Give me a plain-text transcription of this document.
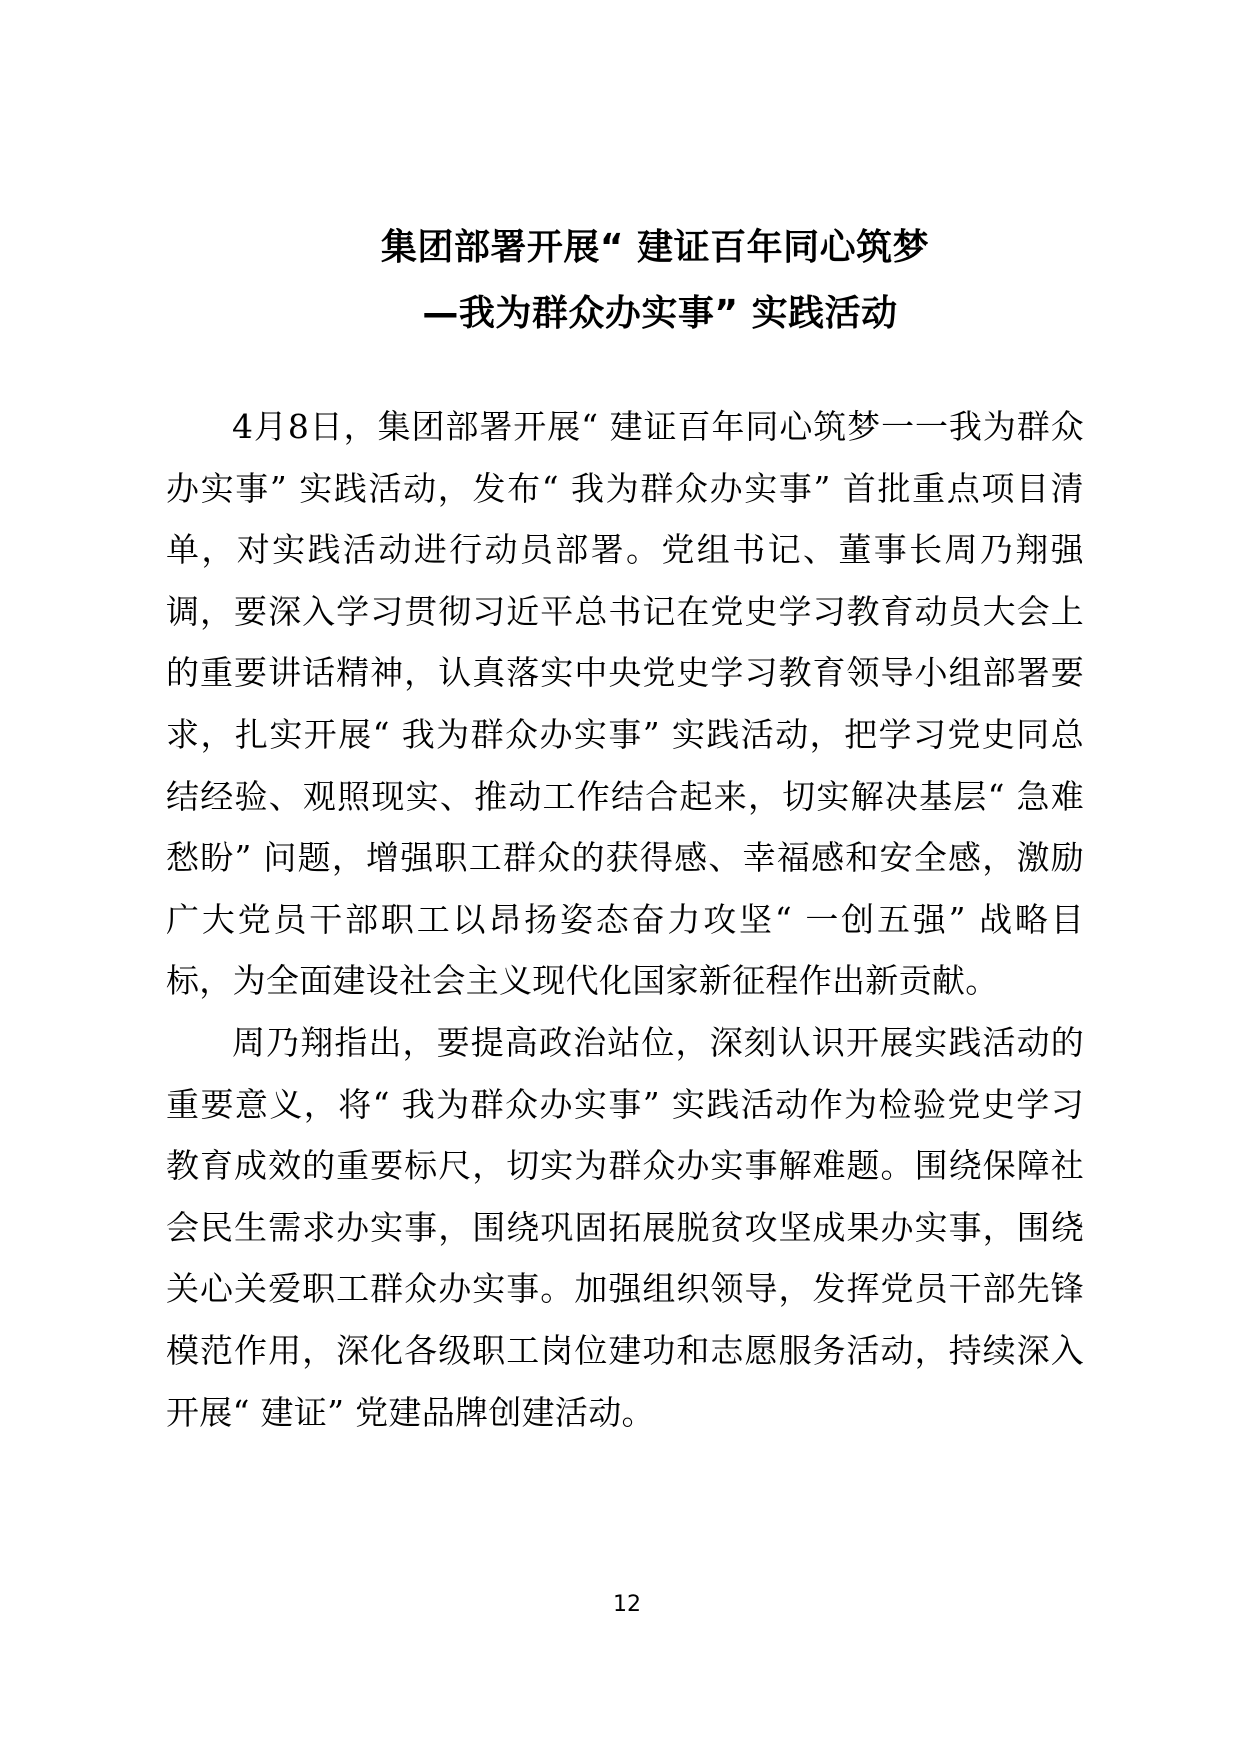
集团部署开展“ 建证百年同心筑梦
—我为群众办实事” 实践活动

4月8日，集团部署开展“ 建证百年同心筑梦一一我为群众办实事” 实践活动，发布“ 我为群众办实事” 首批重点项目清单，对实践活动进行动员部署。党组书记、董事长周乃翔强调，要深入学习贯彻习近平总书记在党史学习教育动员大会上的重要讲话精神，认真落实中央党史学习教育领导小组部署要求，扎实开展“ 我为群众办实事” 实践活动，把学习党史同总结经验、观照现实、推动工作结合起来，切实解决基层“ 急难愁盼” 问题，增强职工群众的获得感、幸福感和安全感，激励广大党员干部职工以昂扬姿态奋力攻坚“ 一创五强” 战略目标，为全面建设社会主义现代化国家新征程作出新贡献。

周乃翔指出，要提高政治站位，深刻认识开展实践活动的重要意义，将“ 我为群众办实事” 实践活动作为检验党史学习教育成效的重要标尺，切实为群众办实事解难题。围绕保障社会民生需求办实事，围绕巩固拓展脱贫攻坚成果办实事，围绕关心关爱职工群众办实事。加强组织领导，发挥党员干部先锋模范作用，深化各级职工岗位建功和志愿服务活动，持续深入开展“ 建证” 党建品牌创建活动。

12
